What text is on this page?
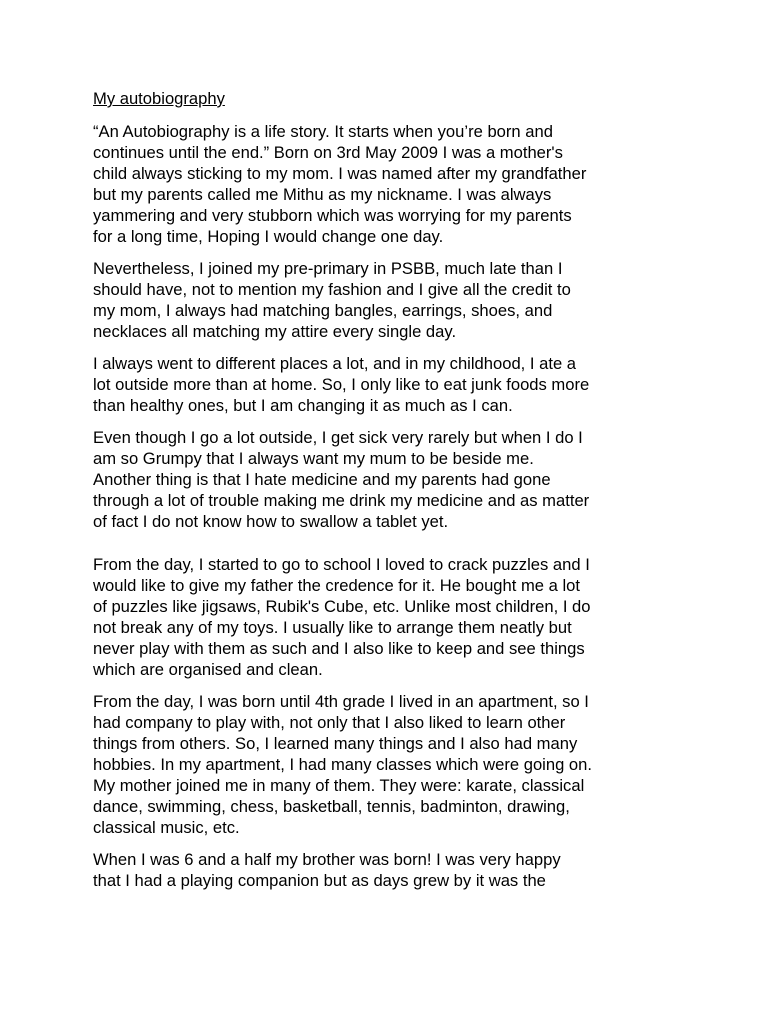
My autobiography
“An Autobiography is a life story. It starts when you’re born and
continues until the end.” Born on 3rd May 2009 I was a mother's
child always sticking to my mom. I was named after my grandfather
but my parents called me Mithu as my nickname. I was always
yammering and very stubborn which was worrying for my parents
for a long time, Hoping I would change one day.
Nevertheless, I joined my pre-primary in PSBB, much late than I
should have, not to mention my fashion and I give all the credit to
my mom, I always had matching bangles, earrings, shoes, and
necklaces all matching my attire every single day.
I always went to different places a lot, and in my childhood, I ate a
lot outside more than at home. So, I only like to eat junk foods more
than healthy ones, but I am changing it as much as I can.
Even though I go a lot outside, I get sick very rarely but when I do I
am so Grumpy that I always want my mum to be beside me.
Another thing is that I hate medicine and my parents had gone
through a lot of trouble making me drink my medicine and as matter
of fact I do not know how to swallow a tablet yet.
From the day, I started to go to school I loved to crack puzzles and I
would like to give my father the credence for it. He bought me a lot
of puzzles like jigsaws, Rubik's Cube, etc. Unlike most children, I do
not break any of my toys. I usually like to arrange them neatly but
never play with them as such and I also like to keep and see things
which are organised and clean.
From the day, I was born until 4th grade I lived in an apartment, so I
had company to play with, not only that I also liked to learn other
things from others. So, I learned many things and I also had many
hobbies. In my apartment, I had many classes which were going on.
My mother joined me in many of them. They were: karate, classical
dance, swimming, chess, basketball, tennis, badminton, drawing,
classical music, etc.
When I was 6 and a half my brother was born! I was very happy
that I had a playing companion but as days grew by it was the
